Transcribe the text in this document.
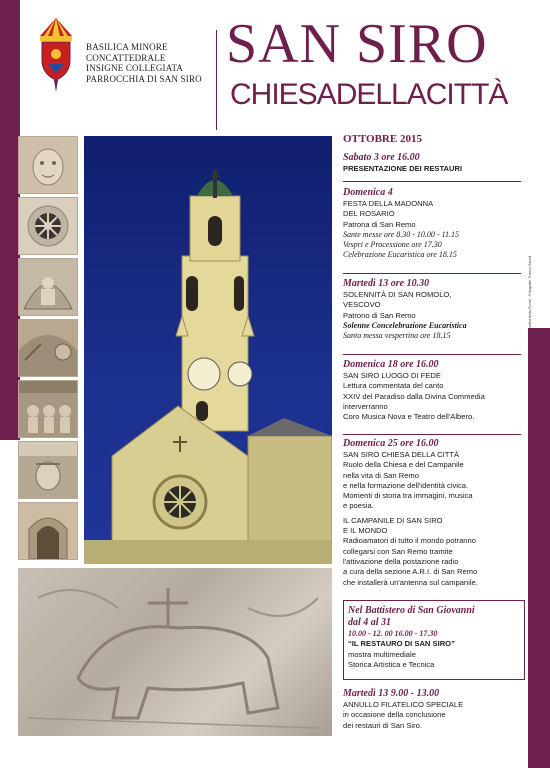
BASILICA MINORE
CONCATTEDRALE
INSIGNE COLLEGIATA
PARROCCHIA DI SAN SIRO
SAN SIRO
CHIESADELLACITTÀ
Grafica Anita Ferrari - Fotografie: Franco Savelli
OTTOBRE 2015
Sabato 3 ore 16.00

PRESENTAZIONE DEI RESTAURI

Domenica 4

FESTA DELLA MADONNA

DEL ROSARIO

Patrona di San Remo

Sante messe ore 8.30 - 10.00 - 11.15

Vespri e Processione ore 17.30

Celebrazione Eucaristica ore 18.15

Martedì 13 ore 10.30

SOLENNITÀ DI SAN ROMOLO,

VESCOVO

Patrono di San Remo

Solenne Concelebrazione Eucaristica

Santa messa vespertina ore 18.15

Domenica 18 ore 16.00

SAN SIRO LUOGO DI FEDE

Lettura commentata del canto

XXIV del Paradiso dalla Divina Commedia

interverranno

Coro Musica Nova e Teatro dell'Albero.

Domenica 25 ore 16.00

SAN SIRO CHIESA DELLA CITTÀ

Ruolo della Chiesa e del Campanile

nella vita di San Remo

e nella formazione dell'identità civica.

Momenti di storia tra immagini, musica

e poesia.

IL CAMPANILE DI SAN SIRO

E IL MONDO

Radioamatori di tutto il mondo potranno

collegarsi con San Remo tramite

l'attivazione della postazione radio

a cura della sezione A.R.I. di San Remo

che installerà un'antenna sul campanile.

Nel Battistero di San Giovanni
dal 4 al 31

10.00 - 12. 00 16.00 - 17.30

“IL RESTAURO DI SAN SIRO”

mostra multimediale

Storica Artistica e Tecnica

Martedì 13 9.00 - 13.00

ANNULLO FILATELICO SPECIALE

in occasione della conclusione

dei restauri di San Siro.
